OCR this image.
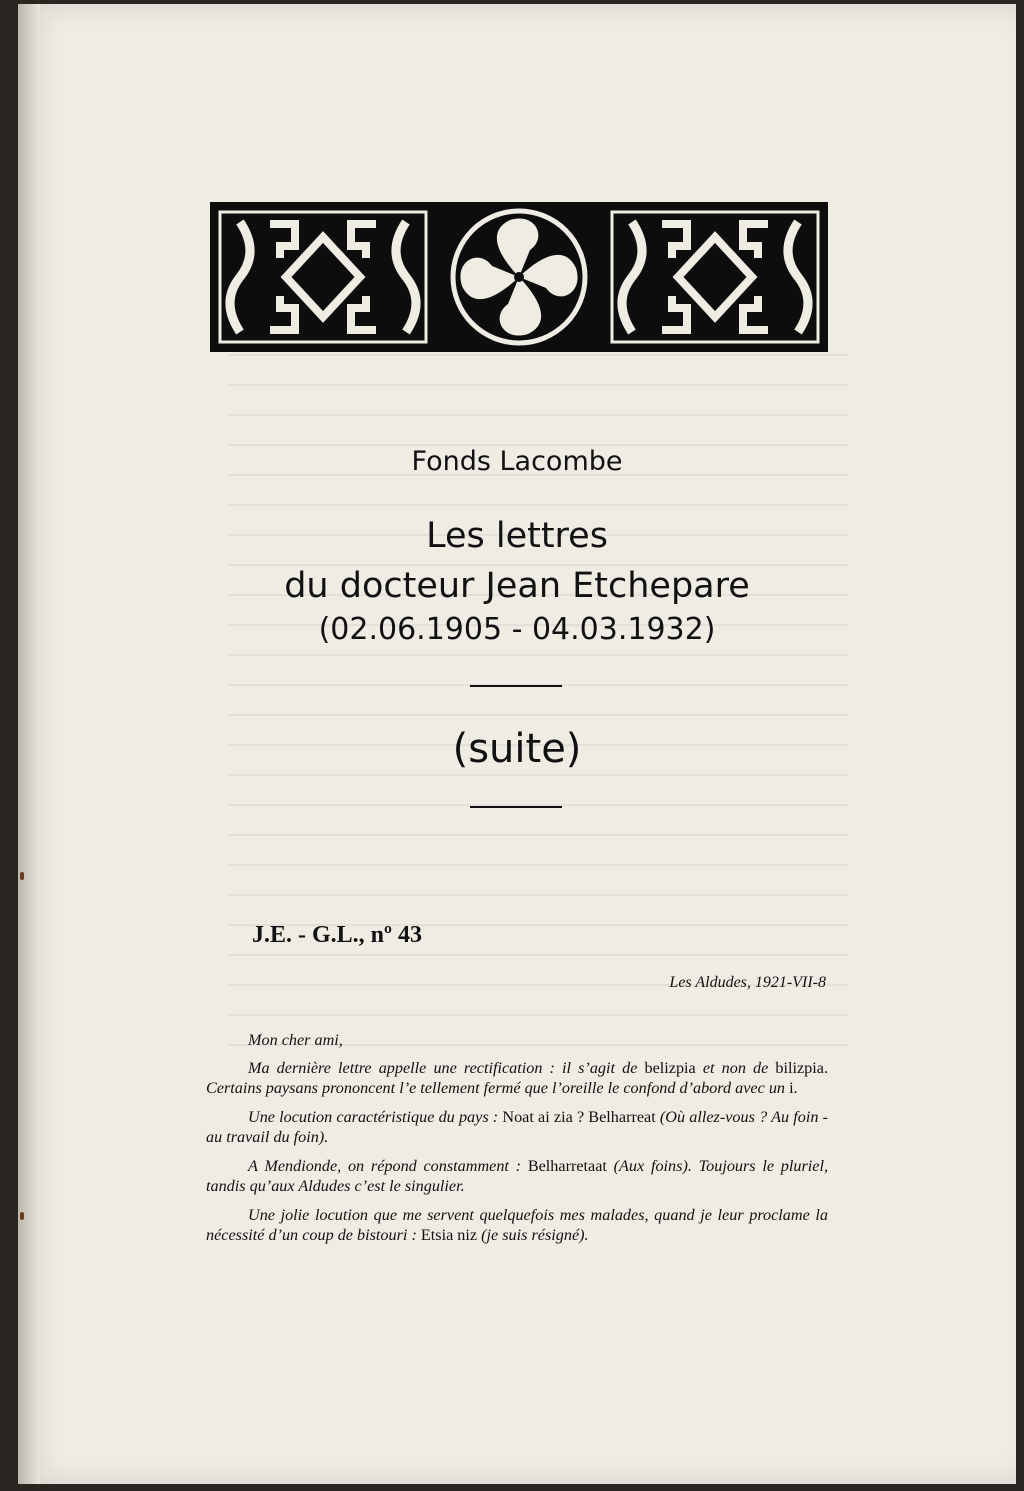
Fonds Lacombe
Les lettres
du docteur Jean Etchepare
(02.06.1905 - 04.03.1932)
(suite)
J.E. - G.L., nº 43
Les Aldudes, 1921-VII-8

Mon cher ami,

Ma dernière lettre appelle une rectification : il s’agit de belizpia et non de bilizpia. Certains paysans prononcent l’e tellement fermé que l’oreille le confond d’abord avec un i.

Une locution caractéristique du pays : Noat ai zia ? Belharreat (Où allez-vous ? Au foin - au travail du foin).

A Mendionde, on répond constamment : Belharretaat (Aux foins). Toujours le pluriel, tandis qu’aux Aldudes c’est le singulier.

Une jolie locution que me servent quelquefois mes malades, quand je leur proclame la nécessité d’un coup de bistouri : Etsia niz (je suis résigné).
